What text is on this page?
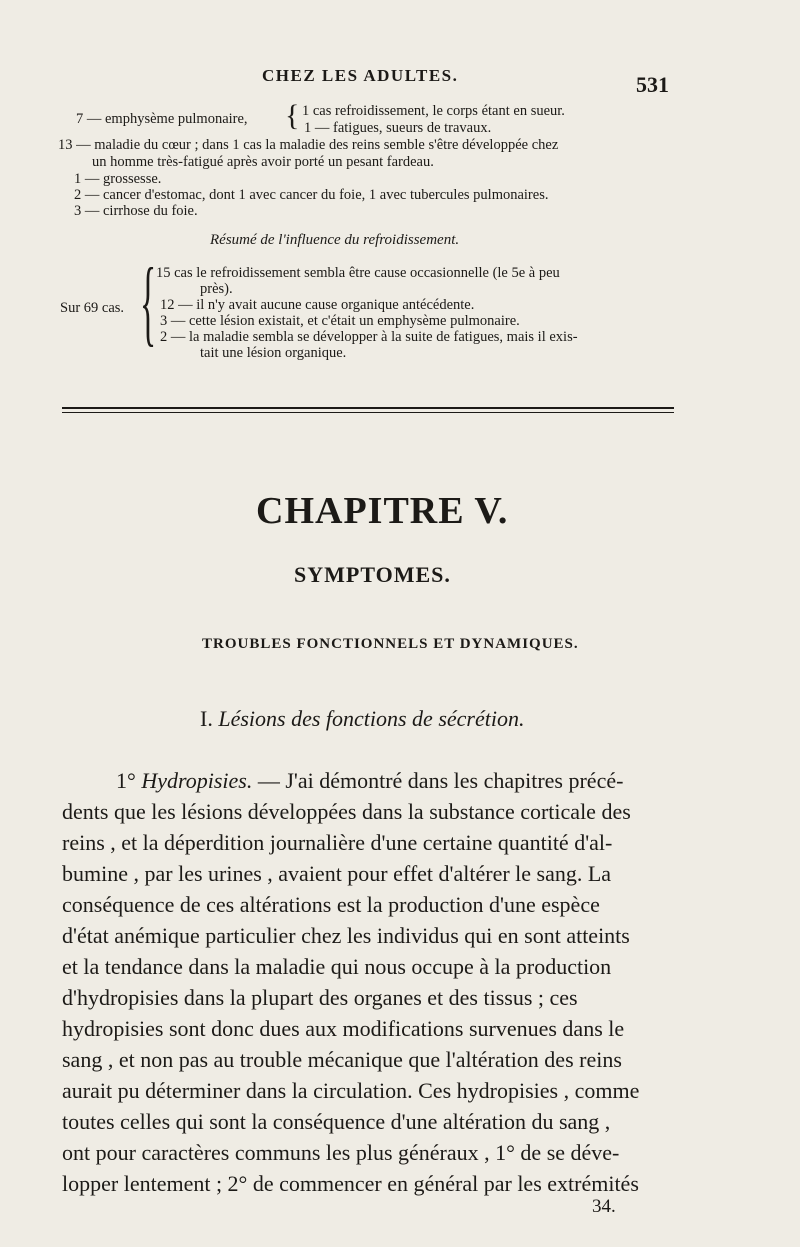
CHEZ LES ADULTES.	531
7 — emphysème pulmonaire, { 1 cas refroidissement, le corps étant en sueur.
1 — fatigues, sueurs de travaux.
13 — maladie du cœur ; dans 1 cas la maladie des reins semble s'être développée chez
un homme très-fatigué après avoir porté un pesant fardeau.
1 — grossesse.
2 — cancer d'estomac, dont 1 avec cancer du foie, 1 avec tubercules pulmonaires.
3 — cirrhose du foie.
Résumé de l'influence du refroidissement.
Sur 69 cas. { 15 cas le refroidissement sembla être cause occasionnelle (le 5e à peu
près).
12 — il n'y avait aucune cause organique antécédente.
3 — cette lésion existait, et c'était un emphysème pulmonaire.
2 — la maladie sembla se développer à la suite de fatigues, mais il exis-
tait une lésion organique.
CHAPITRE V.
SYMPTOMES.
TROUBLES FONCTIONNELS ET DYNAMIQUES.
I. Lésions des fonctions de sécrétion.
1° Hydropisies. — J'ai démontré dans les chapitres précé-
dents que les lésions développées dans la substance corticale des
reins , et la déperdition journalière d'une certaine quantité d'al-
bumine , par les urines , avaient pour effet d'altérer le sang. La
conséquence de ces altérations est la production d'une espèce
d'état anémique particulier chez les individus qui en sont atteints
et la tendance dans la maladie qui nous occupe à la production
d'hydropisies dans la plupart des organes et des tissus ; ces
hydropisies sont donc dues aux modifications survenues dans le
sang , et non pas au trouble mécanique que l'altération des reins
aurait pu déterminer dans la circulation. Ces hydropisies , comme
toutes celles qui sont la conséquence d'une altération du sang ,
ont pour caractères communs les plus généraux , 1° de se déve-
lopper lentement ; 2° de commencer en général par les extrémités
34.
